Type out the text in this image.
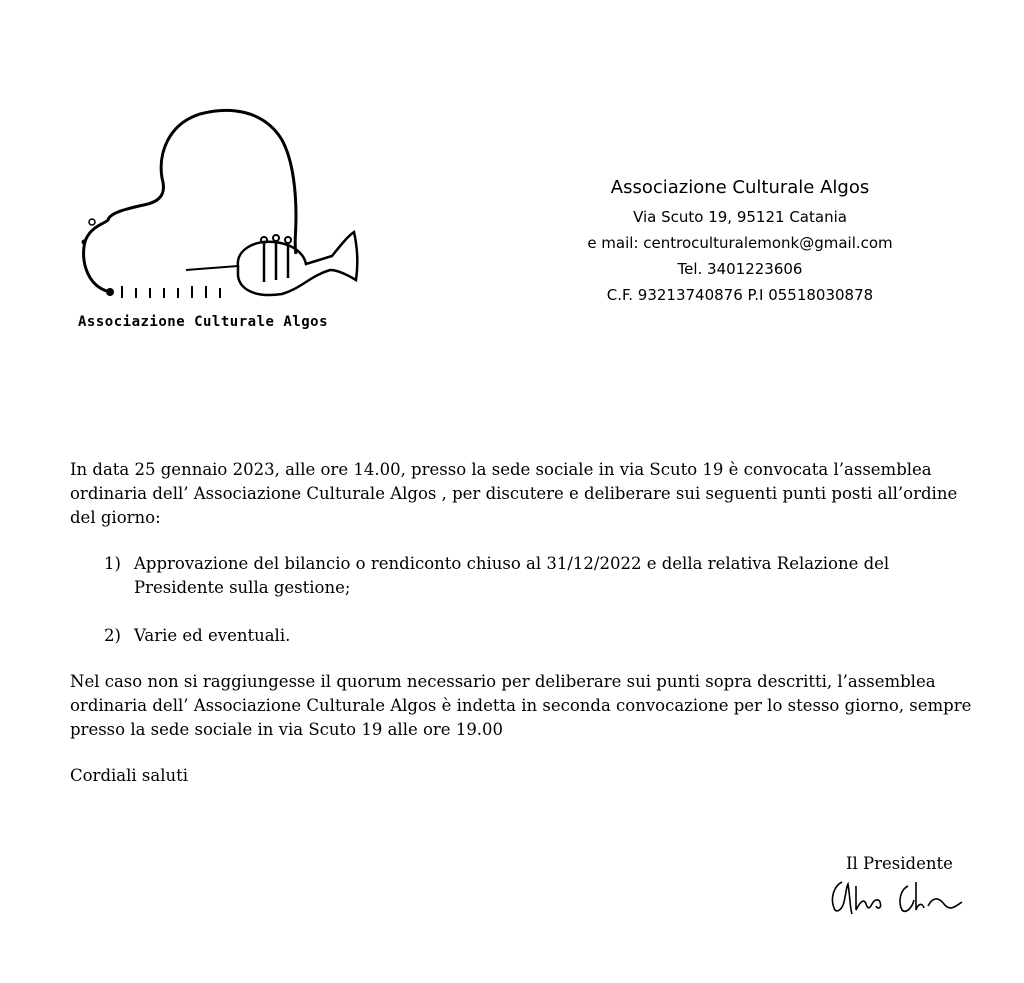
Associazione Culturale Algos
Associazione Culturale Algos
Via Scuto 19, 95121 Catania
e mail: centroculturalemonk@gmail.com
Tel. 3401223606
C.F. 93213740876 P.I 05518030878

In data 25 gennaio 2023, alle ore 14.00, presso la sede sociale in via Scuto 19 è convocata l’assemblea ordinaria dell’ Associazione Culturale Algos , per discutere e deliberare sui seguenti punti posti all’ordine del giorno:

1) Approvazione del bilancio o rendiconto chiuso al 31/12/2022 e della relativa Relazione del Presidente sulla gestione;
2) Varie ed eventuali.

Nel caso non si raggiungesse il quorum necessario per deliberare sui punti sopra descritti, l’assemblea ordinaria dell’ Associazione Culturale Algos è indetta in seconda convocazione per lo stesso giorno, sempre presso la sede sociale in via Scuto 19 alle ore 19.00

Cordiali saluti

Il Presidente
